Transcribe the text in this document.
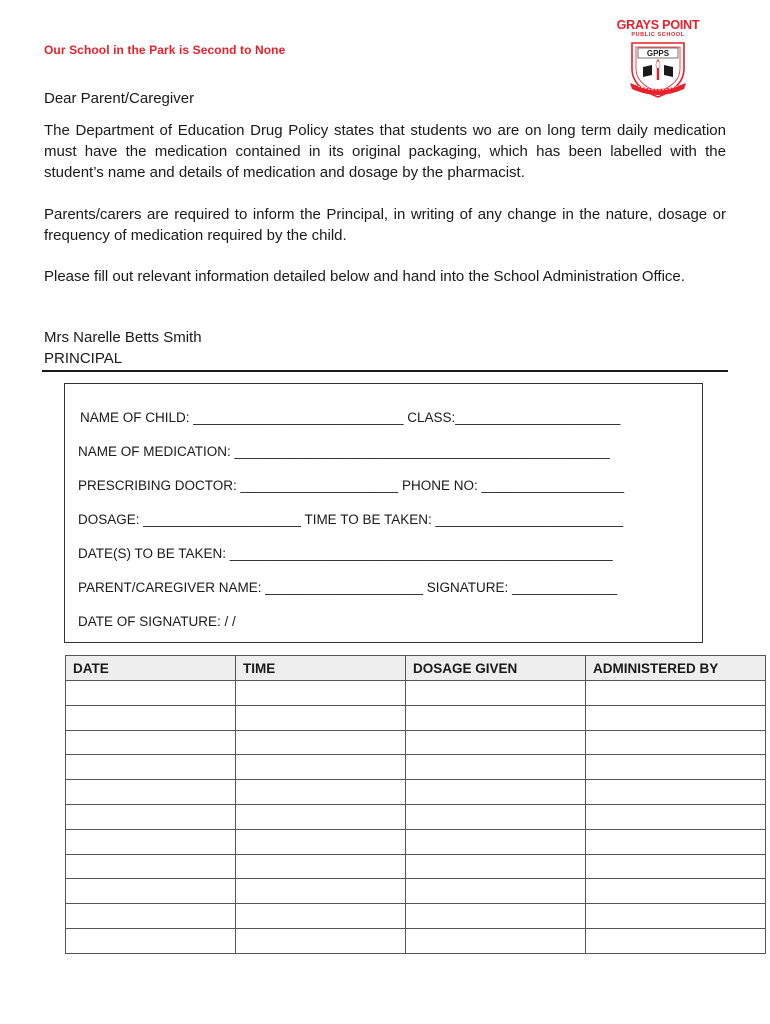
Our School in the Park is Second to None
GRAYS POINT
PUBLIC SCHOOL
GPPS
Dear Parent/Caregiver
The Department of Education Drug Policy states that students wo are on long term daily medication must have the medication contained in its original packaging, which has been labelled with the student’s name and details of medication and dosage by the pharmacist.
Parents/carers are required to inform the Principal, in writing of any change in the nature, dosage or frequency of medication required by the child.
Please fill out relevant information detailed below and hand into the School Administration Office.
Mrs Narelle Betts Smith
PRINCIPAL
NAME OF CHILD: ____________________________ CLASS:______________________
NAME OF MEDICATION: __________________________________________________
PRESCRIBING DOCTOR: _____________________ PHONE NO: ___________________
DOSAGE: _____________________ TIME TO BE TAKEN: _________________________
DATE(S) TO BE TAKEN: ___________________________________________________
PARENT/CAREGIVER NAME: _____________________ SIGNATURE: ______________
DATE OF SIGNATURE: / /
DATE	TIME	DOSAGE GIVEN	ADMINISTERED BY
